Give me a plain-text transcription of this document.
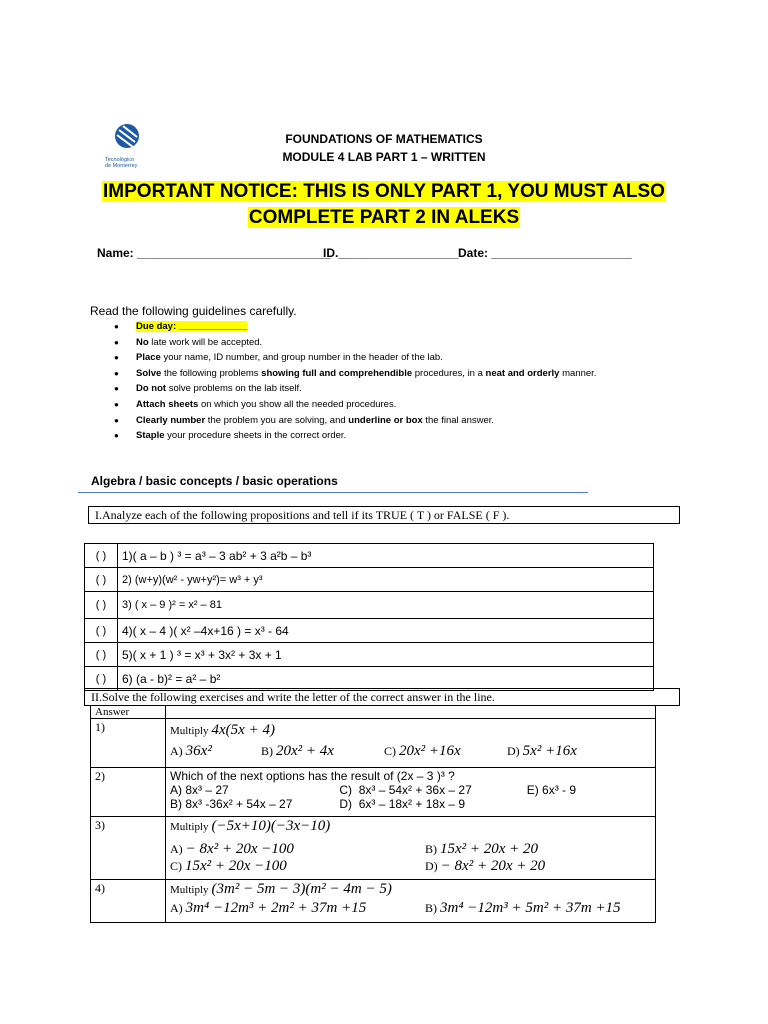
Tecnológico
de Monterrey
FOUNDATIONS OF MATHEMATICS
MODULE 4 LAB PART 1 – WRITTEN
IMPORTANT NOTICE: THIS IS ONLY PART 1, YOU MUST ALSO
COMPLETE PART 2 IN ALEKS
Name: _____________________________
ID.__________________ Date: _____________________
Read the following guidelines carefully.
● Due day: _____________
● No late work will be accepted.
● Place your name, ID number, and group number in the header of the lab.
● Solve the following problems showing full and comprehendible procedures, in a neat and orderly manner.
● Do not solve problems on the lab itself.
● Attach sheets on which you show all the needed procedures.
● Clearly number the problem you are solving, and underline or box the final answer.
● Staple your procedure sheets in the correct order.
Algebra / basic concepts / basic operations
I.Analyze each of the following propositions and tell if its TRUE ( T ) or FALSE ( F ).
( )	1)( a – b ) ³ = a³ – 3 ab² + 3 a²b – b³
( )	2) (w+y)(w² - yw+y²)= w³ + y³
( )	3) ( x – 9 )² = x² – 81
( )	4)( x – 4 )( x² –4x+16 ) = x³ - 64
( )	5)( x + 1 ) ³ = x³ + 3x² + 3x + 1
( )	6) (a - b)² = a² – b²
II.Solve the following exercises and write the letter of the correct answer in the line.
Answer	
1)	Multiply 4x(5x + 4)
A) 36x² B) 20x² + 4x C) 20x² +16x D) 5x² +16x

2)	Which of the next options has the result of (2x – 3 )³ ?
A) 8x³ – 27 C)  8x³ – 54x² + 36x – 27 E) 6x³ - 9
B) 8x³ -36x² + 54x – 27 D)  6x³ – 18x² + 18x – 9

3)	Multiply (−5x+10)(−3x−10)
A) − 8x² + 20x −100 B) 15x² + 20x + 20
C) 15x² + 20x −100 D) − 8x² + 20x + 20

4)	Multiply (3m² − 5m − 3)(m² − 4m − 5)
A) 3m⁴ −12m³ + 2m² + 37m +15 B) 3m⁴ −12m³ + 5m² + 37m +15
